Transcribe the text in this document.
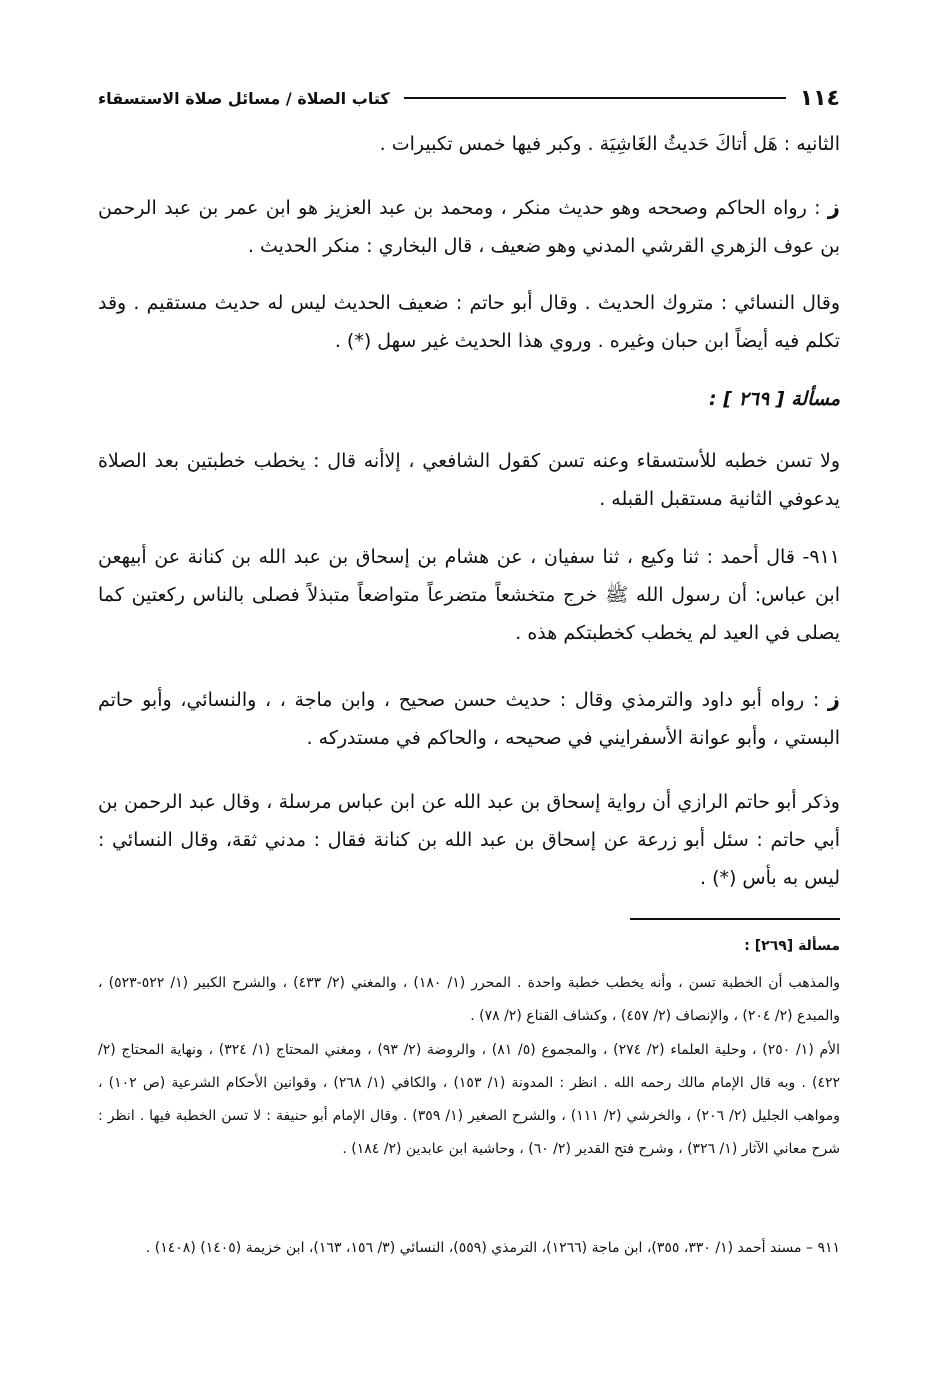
١١٤
كتاب الصلاة / مسائل صلاة الاستسقاء
الثانيه : هَل أتاكَ حَديثُ الغَاشِيَة . وكبر فيها خمس تكبيرات .
ز : رواه الحاكم وصححه وهو حديث منكر ، ومحمد بن عبد العزيز هو ابن عمر بن عبد الرحمن بن عوف الزهري القرشي المدني وهو ضعيف ، قال البخاري : منكر الحديث .
وقال النسائي : متروك الحديث . وقال أبو حاتم : ضعيف الحديث ليس له حديث مستقيم . وقد تكلم فيه أيضاً ابن حبان وغيره . وروي هذا الحديث غير سهل (*) .
مسألة [ ٢٦٩ ] :
ولا تسن خطبه للأستسقاء وعنه تسن كقول الشافعي ، إلاأنه قال : يخطب خطبتين بعد الصلاة يدعوفي الثانية مستقبل القبله .
٩١١- قال أحمد : ثنا وكيع ، ثنا سفيان ، عن هشام بن إسحاق بن عبد الله بن كنانة عن أبيهعن ابن عباس: أن رسول الله ﷺ خرج متخشعاً متضرعاً متواضعاً متبذلاً فصلى بالناس ركعتين كما يصلى في العيد لم يخطب كخطبتكم هذه .
ز : رواه أبو داود والترمذي وقال : حديث حسن صحيح ، وابن ماجة ، ، والنسائي، وأبو حاتم البستي ، وأبو عوانة الأسفرايني في صحيحه ، والحاكم في مستدركه .
وذكر أبو حاتم الرازي أن رواية إسحاق بن عبد الله عن ابن عباس مرسلة ، وقال عبد الرحمن بن أبي حاتم : سئل أبو زرعة عن إسحاق بن عبد الله بن كنانة فقال : مدني ثقة، وقال النسائي : ليس به بأس (*) .
مسألة [٢٦٩] :
والمذهب أن الخطبة تسن ، وأنه يخطب خطبة واحدة . المحرر (١/ ١٨٠) ، والمغني (٢/ ٤٣٣) ، والشرح الكبير (١/ ٥٢٢-٥٢٣) ، والمبدع (٢/ ٢٠٤) ، والإنصاف (٢/ ٤٥٧) ، وكشاف القناع (٢/ ٧٨) .
الأم (١/ ٢٥٠) ، وحلية العلماء (٢/ ٢٧٤) ، والمجموع (٥/ ٨١) ، والروضة (٢/ ٩٣) ، ومغني المحتاج (١/ ٣٢٤) ، ونهاية المحتاج (٢/ ٤٢٢) . وبه قال الإمام مالك رحمه الله . انظر : المدونة (١/ ١٥٣) ، والكافي (١/ ٢٦٨) ، وقوانين الأحكام الشرعية (ص ١٠٢) ، ومواهب الجليل (٢/ ٢٠٦) ، والخرشي (٢/ ١١١) ، والشرح الصغير (١/ ٣٥٩) . وقال الإمام أبو حنيفة : لا تسن الخطبة فيها . انظر : شرح معاني الآثار (١/ ٣٢٦) ، وشرح فتح القدير (٢/ ٦٠) ، وحاشية ابن عابدين (٢/ ١٨٤) .
٩١١ – مسند أحمد (١/ ٣٣٠، ٣٥٥)، ابن ماجة (١٢٦٦)، الترمذي (٥٥٩)، النسائي (٣/ ١٥٦، ١٦٣)، ابن خزيمة (١٤٠٥) (١٤٠٨) .
